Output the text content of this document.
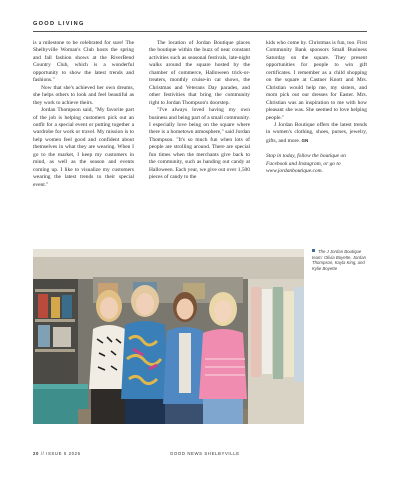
GOOD LIVING

is a milestone to be celebrated for sure! The Shelbyville Woman's Club hosts the spring and fall fashion shows at the RiverBend Country Club, which is a wonderful opportunity to show the latest trends and fashions."

Now that she's achieved her own dreams, she helps others to look and feel beautiful as they work to achieve theirs.

Jordan Thompson said, "My favorite part of the job is helping customers pick out an outfit for a special event or putting together a wardrobe for work or travel. My mission is to help women feel good and confident about themselves in what they are wearing. When I go to the market, I keep my customers in mind, as well as the season and events coming up. I like to visualize my customers wearing the latest trends to their special event."

The location of Jordan Boutique places the boutique within the buzz of near constant activities such as seasonal festivals, late-night walks around the square hosted by the chamber of commerce, Halloween trick-or-treaters, monthly cruise-in car shows, the Christmas and Veterans Day parades, and other festivities that bring the community right to Jordan Thompson's doorstep.

"I've always loved having my own business and being part of a small community. I especially love being on the square where there is a hometown atmosphere," said Jordan Thompson. "It's so much fun when lots of people are strolling around. There are special fun times when the merchants give back to the community, such as handing out candy at Halloween. Each year, we give out over 1,500 pieces of candy to the

kids who come by. Christmas is fun, too. First Community Bank sponsors Small Business Saturday on the square. They present opportunities for people to win gift certificates. I remember as a child shopping on the square at Castner Knott and Mrs. Christian would help me, my sisters, and mom pick out our dresses for Easter. Mrs. Christian was an inspiration to me with how pleasant she was. She seemed to love helping people."

J Jordan Boutique offers the latest trends in women's clothing, shoes, purses, jewelry, gifts, and more. GN

Stop in today, follow the boutique on Facebook and Instagram, or go to www.jordanboutique.com.

The J Jordan Boutique team: Olivia Boyette, Jordan Thompson, Kayla King, and Kylie Boyette
20 // ISSUE 5 2025	GOOD NEWS SHELBYVILLE
